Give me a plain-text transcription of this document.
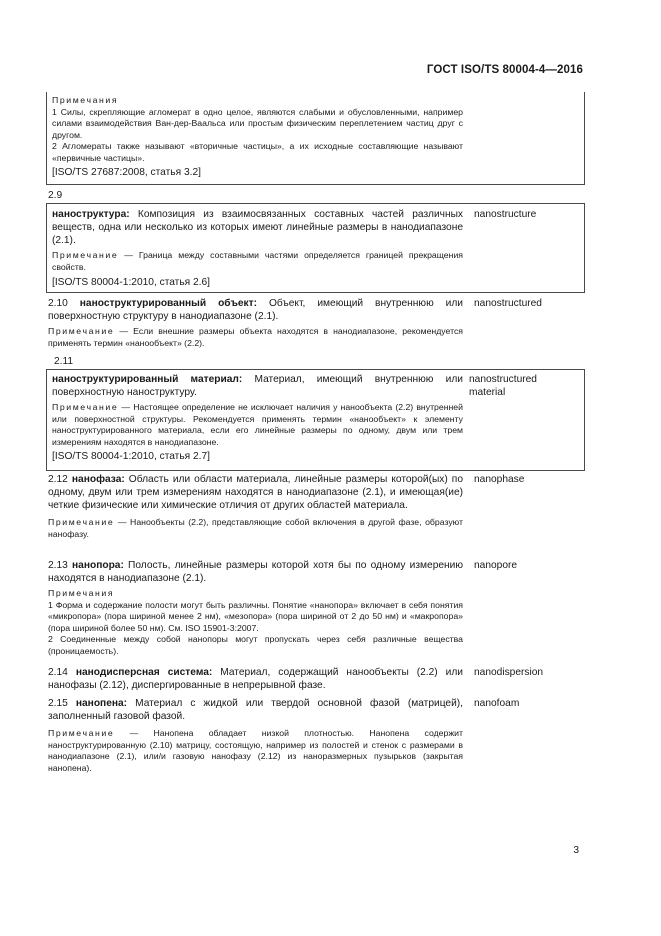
ГОСТ ISO/TS 80004-4—2016
Примечания
1 Силы, скрепляющие агломерат в одно целое, являются слабыми и обусловленными, например силами взаимодействия Ван-дер-Ваальса или простым физическим переплетением частиц друг с другом.
2 Агломераты также называют «вторичные частицы», а их исходные составляющие называют «первичные частицы».
[ISO/TS 27687:2008, статья 3.2]
2.9
наноструктура: Композиция из взаимосвязанных составных частей различных веществ, одна или несколько из которых имеют линейные размеры в нанодиапазоне (2.1).
Примечание — Граница между составными частями определяется границей прекращения свойств.
[ISO/TS 80004-1:2010, статья 2.6]
nanostructure
2.10 наноструктурированный объект: Объект, имеющий внутреннюю или поверхностную структуру в нанодиапазоне (2.1).
Примечание — Если внешние размеры объекта находятся в нанодиапазоне, рекомендуется применять термин «нанообъект» (2.2).
nanostructured
2.11
наноструктурированный материал: Материал, имеющий внутреннюю или поверхностную наноструктуру.
Примечание — Настоящее определение не исключает наличия у нанообъекта (2.2) внутренней или поверхностной структуры. Рекомендуется применять термин «нанообъект» к элементу наноструктурированного материала, если его линейные размеры по одному, двум или трем измерениям находятся в нанодиапазоне.
[ISO/TS 80004-1:2010, статья 2.7]
nanostructured material
2.12 нанофаза: Область или области материала, линейные размеры которой(ых) по одному, двум или трем измерениям находятся в нанодиапазоне (2.1), и имеющая(ие) четкие физические или химические отличия от других областей материала.
Примечание — Нанообъекты (2.2), представляющие собой включения в другой фазе, образуют нанофазу.
nanophase
2.13 нанопора: Полость, линейные размеры которой хотя бы по одному измерению находятся в нанодиапазоне (2.1).
Примечания
1 Форма и содержание полости могут быть различны. Понятие «нанопора» включает в себя понятия «микропора» (пора шириной менее 2 нм), «мезопора» (пора шириной от 2 до 50 нм) и «макропора» (пора шириной более 50 нм). См. ISO 15901-3:2007.
2 Соединенные между собой нанопоры могут пропускать через себя различные вещества (проницаемость).
nanopore
2.14 нанодисперсная система: Материал, содержащий нанообъекты (2.2) или нанофазы (2.12), диспергированные в непрерывной фазе.
nanodispersion
2.15 нанопена: Материал с жидкой или твердой основной фазой (матрицей), заполненный газовой фазой.
Примечание — Нанопена обладает низкой плотностью. Нанопена содержит наноструктурированную (2.10) матрицу, состоящую, например из полостей и стенок с размерами в нанодиапазоне (2.1), или/и газовую нанофазу (2.12) из наноразмерных пузырьков (закрытая нанопена).
nanofoam
3
